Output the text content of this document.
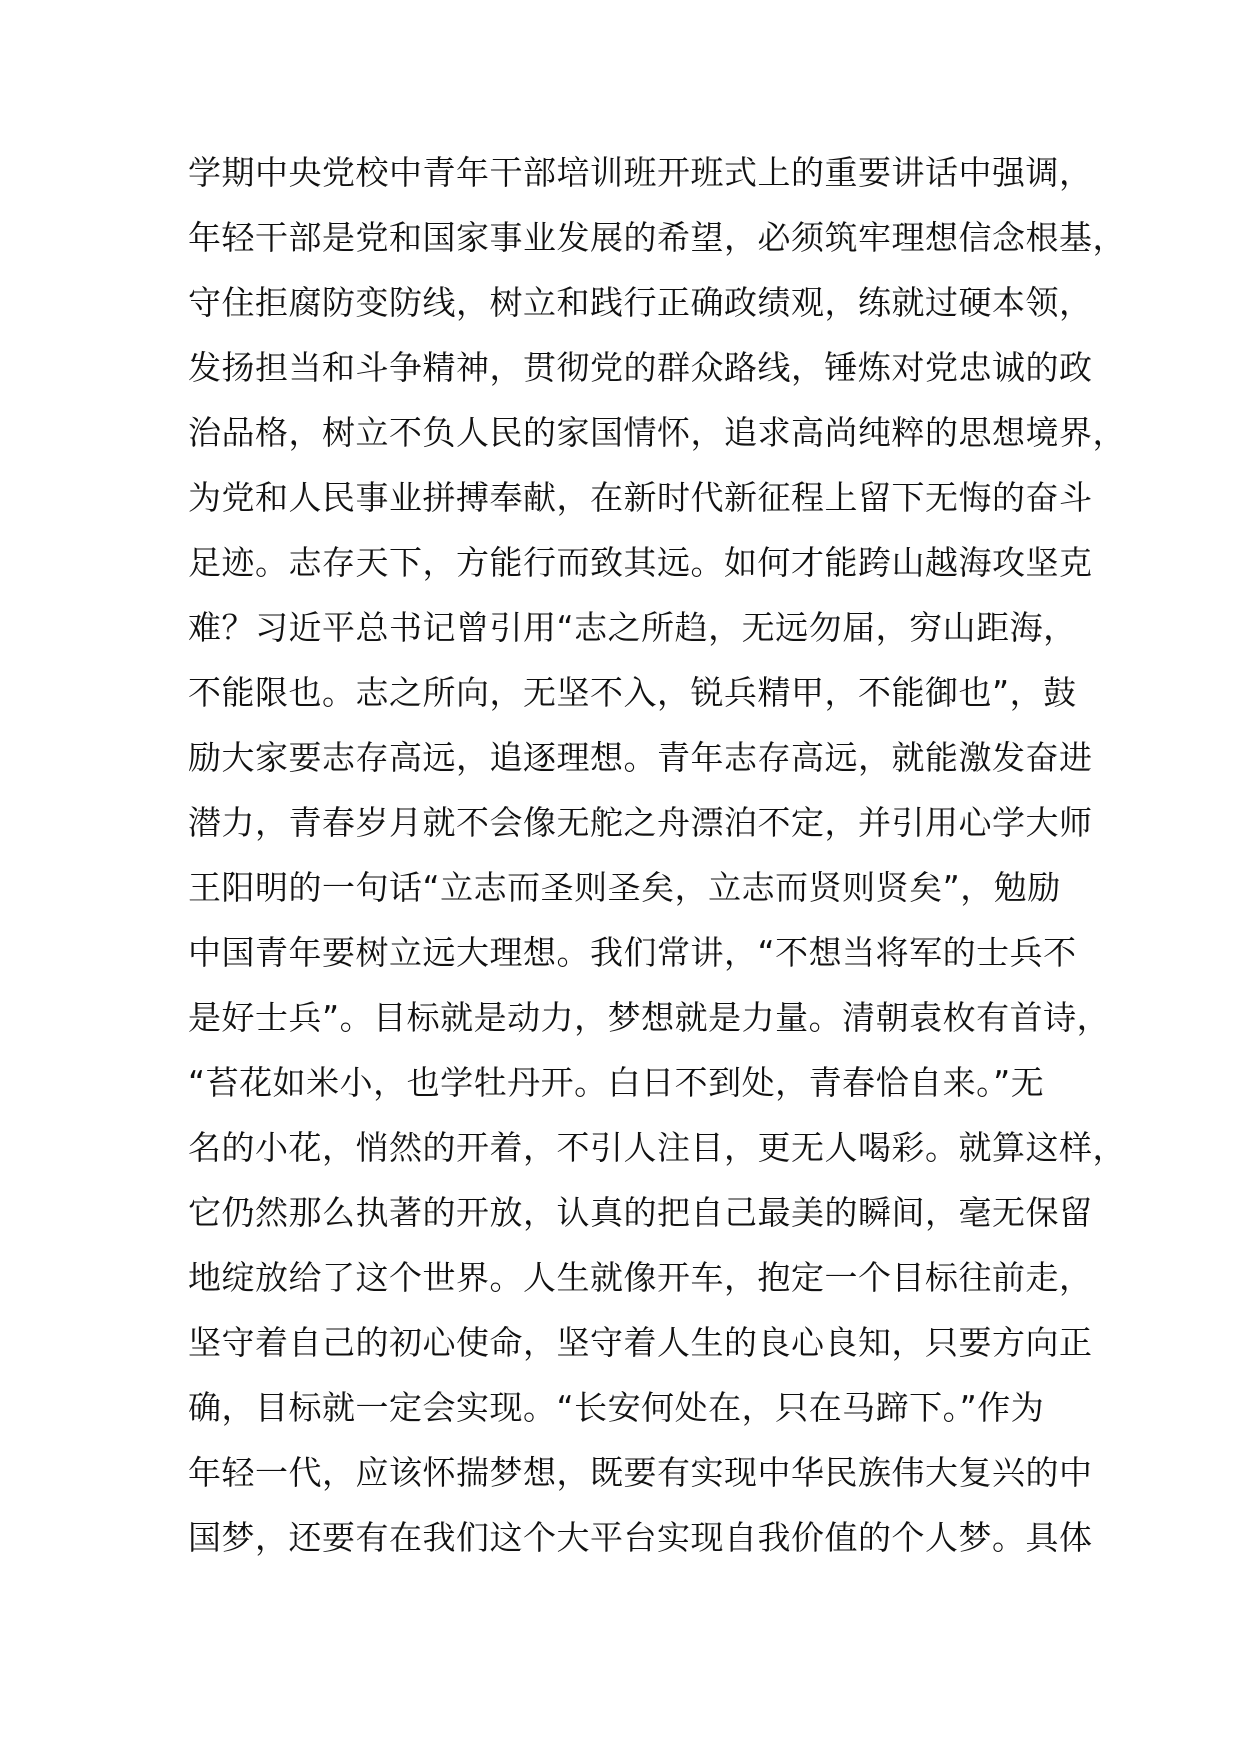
学期中央党校中青年干部培训班开班式上的重要讲话中强调，
年轻干部是党和国家事业发展的希望，必须筑牢理想信念根基，
守住拒腐防变防线，树立和践行正确政绩观，练就过硬本领，
发扬担当和斗争精神，贯彻党的群众路线，锤炼对党忠诚的政
治品格，树立不负人民的家国情怀，追求高尚纯粹的思想境界，
为党和人民事业拼搏奉献，在新时代新征程上留下无悔的奋斗
足迹。志存天下，方能行而致其远。如何才能跨山越海攻坚克
难？习近平总书记曾引用“志之所趋，无远勿届，穷山距海，
不能限也。志之所向，无坚不入，锐兵精甲，不能御也”，鼓
励大家要志存高远，追逐理想。青年志存高远，就能激发奋进
潜力，青春岁月就不会像无舵之舟漂泊不定，并引用心学大师
王阳明的一句话“立志而圣则圣矣，立志而贤则贤矣”，勉励
中国青年要树立远大理想。我们常讲，“不想当将军的士兵不
是好士兵”。目标就是动力，梦想就是力量。清朝袁枚有首诗，
“苔花如米小，也学牡丹开。白日不到处，青春恰自来。”无
名的小花，悄然的开着，不引人注目，更无人喝彩。就算这样，
它仍然那么执著的开放，认真的把自己最美的瞬间，毫无保留
地绽放给了这个世界。人生就像开车，抱定一个目标往前走，
坚守着自己的初心使命，坚守着人生的良心良知，只要方向正
确，目标就一定会实现。“长安何处在，只在马蹄下。”作为
年轻一代，应该怀揣梦想，既要有实现中华民族伟大复兴的中
国梦，还要有在我们这个大平台实现自我价值的个人梦。具体
